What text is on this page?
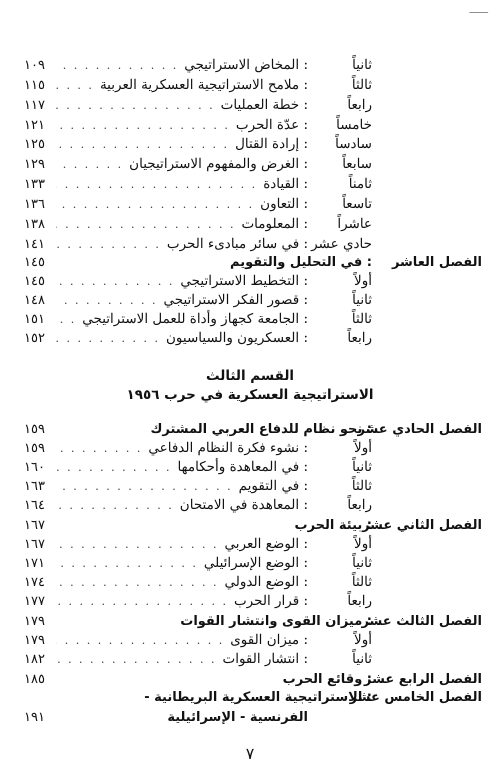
ـــــــ
ثانياً
: المخاض الاستراتيجي
. . .
١٠٩
ثالثاً
: ملامح الاستراتيجية العسكرية العربية
. . .
١١٥
رابعاً
: خطة العمليات
. . .
١١٧
خامساً
: عدّة الحرب
. . .
١٢١
سادساً
: إرادة القتال
. . .
١٢٥
سابعاً
: الغرض والمفهوم الاستراتيجيان
. . .
١٢٩
ثامناً
: القيادة
. . .
١٣٣
تاسعاً
: التعاون
. . .
١٣٦
عاشراً
: المعلومات
. . .
١٣٨
حادي عشر
: في سائر مبادىء الحرب
. . .
١٤١
الفصل العاشر
: في التحليل والتقويم
١٤٥
أولاً
: التخطيط الاستراتيجي
. . .
١٤٥
ثانياً
: قصور الفكر الاستراتيجي
. . .
١٤٨
ثالثاً
: الجامعة كجهاز وأداة للعمل الاستراتيجي
. . .
١٥١
رابعاً
: العسكريون والسياسيون
. . .
١٥٢
القسم الثالث
الاستراتيجية العسكرية في حرب ١٩٥٦
الفصل الحادي عشر
: نحو نظام للدفاع العربي المشترك
١٥٩
أولاً
: نشوء فكرة النظام الدفاعي
. . .
١٥٩
ثانياً
: في المعاهدة وأحكامها
. . .
١٦٠
ثالثاً
: في التقويم
. . .
١٦٣
رابعاً
: المعاهدة في الامتحان
. . .
١٦٤
الفصل الثاني عشر
: بيئة الحرب
١٦٧
أولاً
: الوضع العربي
. . .
١٦٧
ثانياً
: الوضع الإسرائيلي
. . .
١٧١
ثالثاً
: الوضع الدولي
. . .
١٧٤
رابعاً
: قرار الحرب
. . .
١٧٧
الفصل الثالث عشر
: ميزان القوى وانتشار القوات
١٧٩
أولاً
: ميزان القوى
. . .
١٧٩
ثانياً
: انتشار القوات
. . .
١٨٢
الفصل الرابع عشر
: وقائع الحرب
١٨٥
الفصل الخامس عشر
: الاستراتيجية العسكرية البريطانية -
الفرنسية - الإسرائيلية
١٩١
٧
